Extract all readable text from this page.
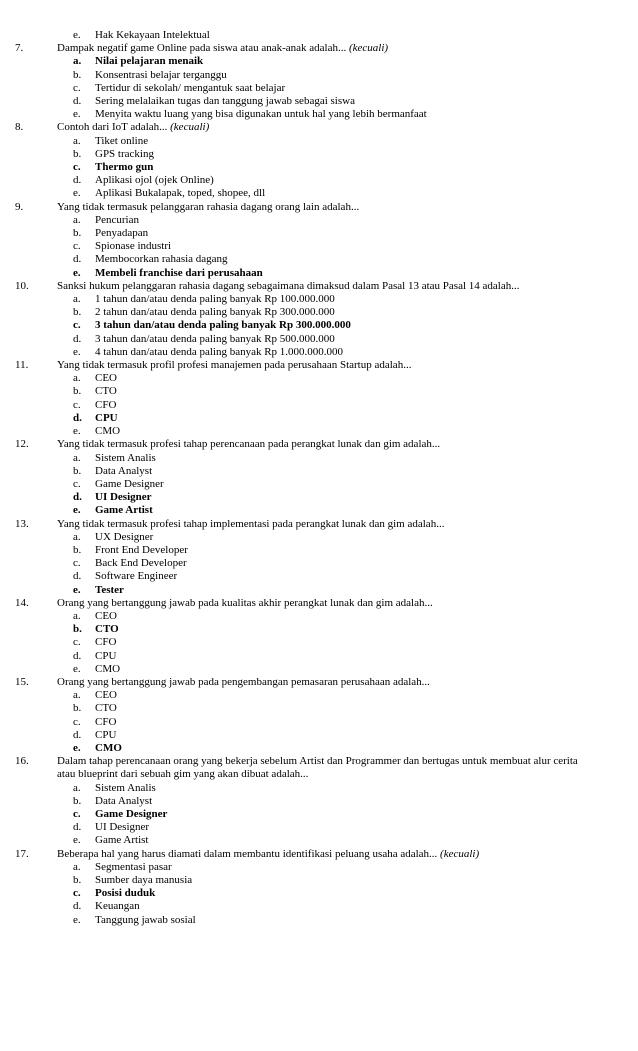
e.	Hak Kekayaan Intelektual
7.	Dampak negatif game Online pada siswa atau anak-anak adalah... (kecuali)
a.	Nilai pelajaran menaik
b.	Konsentrasi belajar terganggu
c.	Tertidur di sekolah/ mengantuk saat belajar
d.	Sering melalaikan tugas dan tanggung jawab sebagai siswa
e.	Menyita waktu luang yang bisa digunakan untuk hal yang lebih bermanfaat
8.	Contoh dari IoT adalah... (kecuali)
a.	Tiket online
b.	GPS tracking
c.	Thermo gun
d.	Aplikasi ojol (ojek Online)
e.	Aplikasi Bukalapak, toped, shopee, dll
9.	Yang tidak termasuk pelanggaran rahasia dagang orang lain adalah...
a.	Pencurian
b.	Penyadapan
c.	Spionase industri
d.	Membocorkan rahasia dagang
e.	Membeli franchise dari perusahaan
10.	Sanksi hukum pelanggaran rahasia dagang sebagaimana dimaksud dalam Pasal 13 atau Pasal 14 adalah...
a.	1 tahun dan/atau denda paling banyak Rp 100.000.000
b.	2 tahun dan/atau denda paling banyak Rp 300.000.000
c.	3 tahun dan/atau denda paling banyak Rp 300.000.000
d.	3 tahun dan/atau denda paling banyak Rp 500.000.000
e.	4 tahun dan/atau denda paling banyak Rp 1.000.000.000
11.	Yang tidak termasuk profil profesi manajemen pada perusahaan Startup adalah...
a.	CEO
b.	CTO
c.	CFO
d.	CPU
e.	CMO
12.	Yang tidak termasuk profesi tahap perencanaan pada perangkat lunak dan gim adalah...
a.	Sistem Analis
b.	Data Analyst
c.	Game Designer
d.	UI Designer
e.	Game Artist
13.	Yang tidak termasuk profesi tahap implementasi pada perangkat lunak dan gim adalah...
a.	UX Designer
b.	Front End Developer
c.	Back End Developer
d.	Software Engineer
e.	Tester
14.	Orang yang bertanggung jawab pada kualitas akhir perangkat lunak dan gim adalah...
a.	CEO
b.	CTO
c.	CFO
d.	CPU
e.	CMO
15.	Orang yang bertanggung jawab pada pengembangan pemasaran perusahaan adalah...
a.	CEO
b.	CTO
c.	CFO
d.	CPU
e.	CMO
16.	Dalam tahap perencanaan orang yang bekerja sebelum Artist dan Programmer dan bertugas untuk membuat alur cerita atau blueprint dari sebuah gim yang akan dibuat adalah...
a.	Sistem Analis
b.	Data Analyst
c.	Game Designer
d.	UI Designer
e.	Game Artist
17.	Beberapa hal yang harus diamati dalam membantu identifikasi peluang usaha adalah... (kecuali)
a.	Segmentasi pasar
b.	Sumber daya manusia
c.	Posisi duduk
d.	Keuangan
e.	Tanggung jawab sosial
